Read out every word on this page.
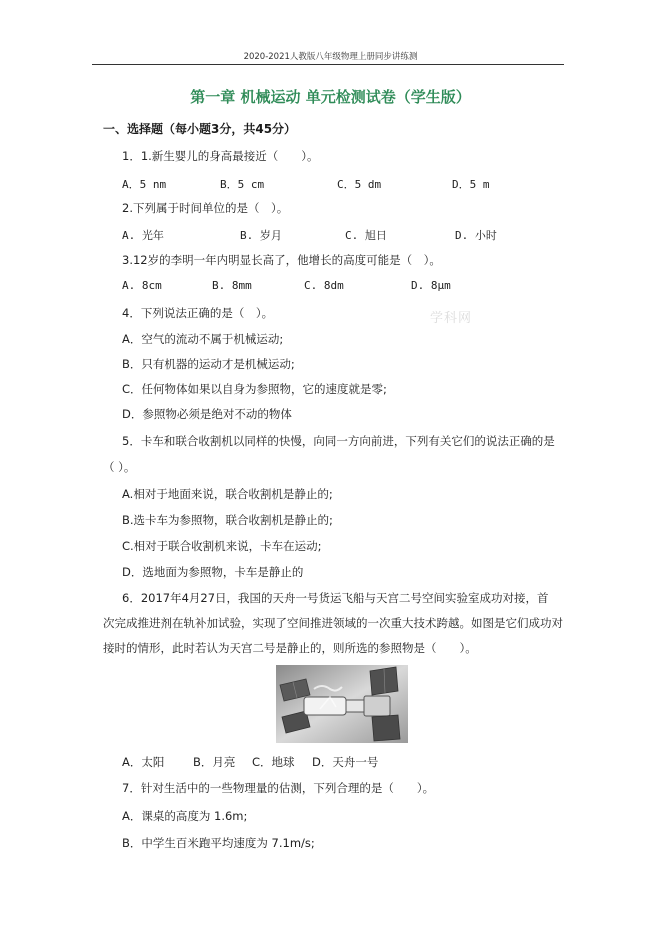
2020-2021人教版八年级物理上册同步讲练测
第一章 机械运动 单元检测试卷（学生版）
一、选择题（每小题3分，共45分）
1．1.新生婴儿的身高最接近（　　）。
A．5 nm	B．5 cm	C．5 dm	D．5 m
2.下列属于时间单位的是（　）。
A. 光年	B. 岁月	C. 旭日	D. 小时
3.12岁的李明一年内明显长高了，他增长的高度可能是（　）。
A. 8cm	B. 8mm	C. 8dm	D. 8μm
4．下列说法正确的是（　）。	学科网
A．空气的流动不属于机械运动;
B．只有机器的运动才是机械运动;
C．任何物体如果以自身为参照物，它的速度就是零;
D．参照物必须是绝对不动的物体
5．卡车和联合收割机以同样的快慢，向同一方向前进，下列有关它们的说法正确的是
（ ）。
A.相对于地面来说，联合收割机是静止的;
B.选卡车为参照物，联合收割机是静止的;
C.相对于联合收割机来说，卡车在运动;
D．选地面为参照物，卡车是静止的
6．2017年4月27日，我国的天舟一号货运飞船与天宫二号空间实验室成功对接，首
次完成推进剂在轨补加试验，实现了空间推进领域的一次重大技术跨越。如图是它们成功对
接时的情形，此时若认为天宫二号是静止的，则所选的参照物是（　　）。
A．太阳 B．月亮 C．地球 D．天舟一号
7．针对生活中的一些物理量的估测，下列合理的是（　　）。
A．课桌的高度为 1.6m;
B．中学生百米跑平均速度为 7.1m/s;
